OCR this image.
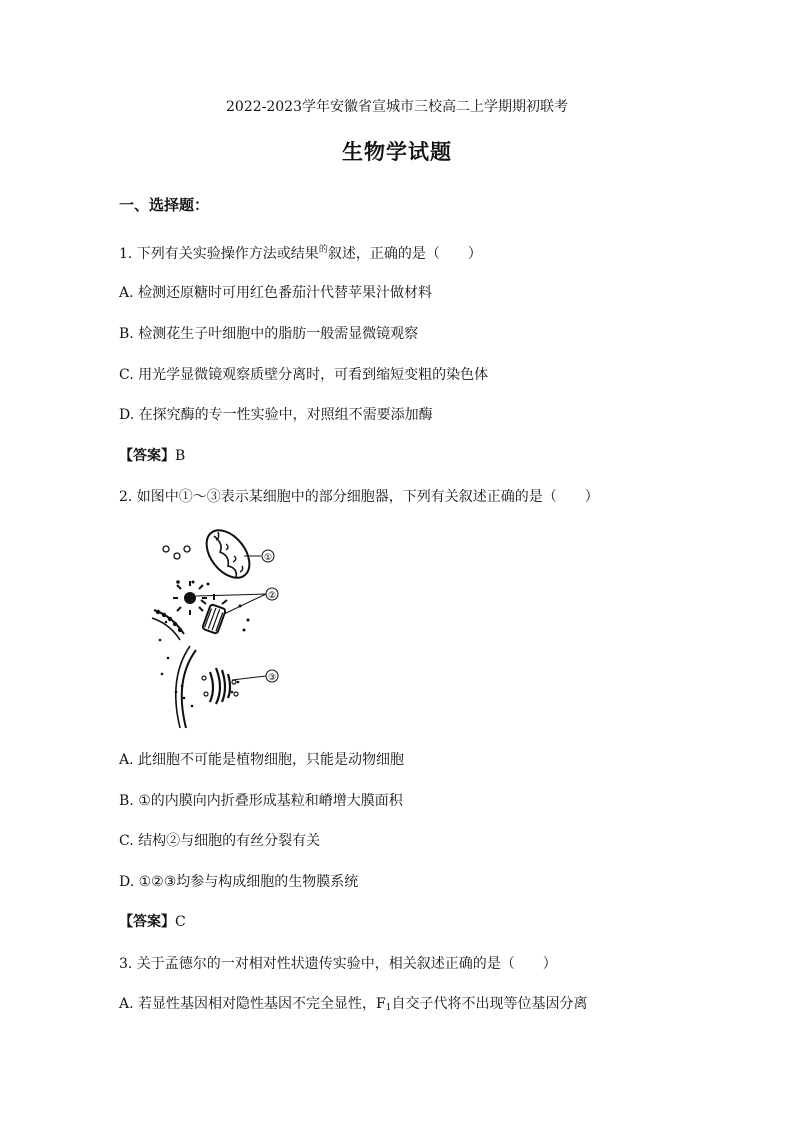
2022-2023学年安徽省宣城市三校高二上学期期初联考
生物学试题
一、选择题：
1. 下列有关实验操作方法或结果$^的$叙述，正确的是（　　）
A. 检测还原糖时可用红色番茄汁代替苹果汁做材料
B. 检测花生子叶细胞中的脂肪一般需显微镜观察
C. 用光学显微镜观察质壁分离时，可看到缩短变粗的染色体
D. 在探究酶的专一性实验中，对照组不需要添加酶
【答案】B
2. 如图中①～③表示某细胞中的部分细胞器，下列有关叙述正确的是（　　）
①
②
③
A. 此细胞不可能是植物细胞，只能是动物细胞
B. ①的内膜向内折叠形成基粒和嵴增大膜面积
C. 结构②与细胞的有丝分裂有关
D. ①②③均参与构成细胞的生物膜系统
【答案】C
3. 关于孟德尔的一对相对性状遗传实验中，相关叙述正确的是（　　）
A. 若显性基因相对隐性基因不完全显性，$F_1$自交子代将不出现等位基因分离
